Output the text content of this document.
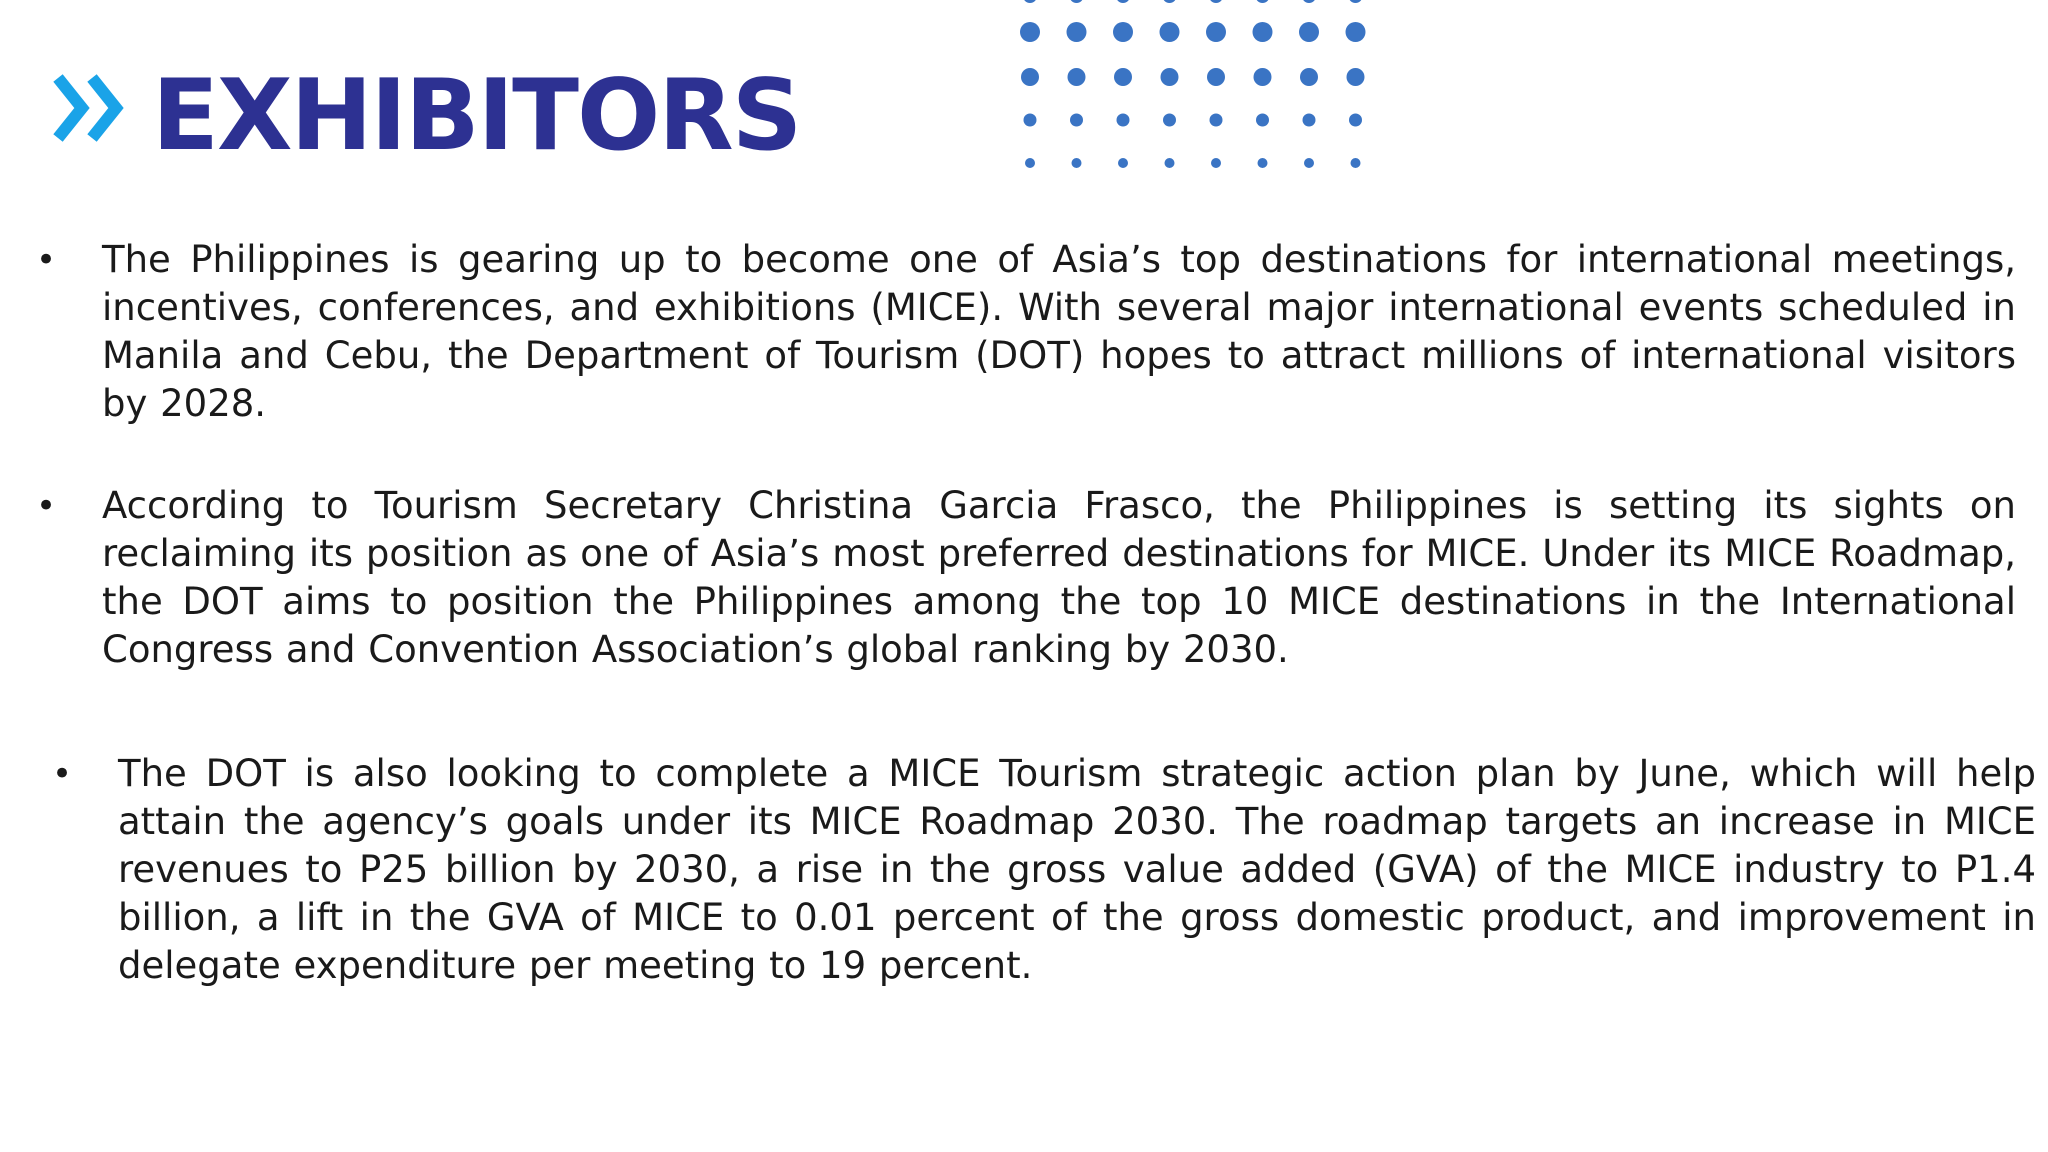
EXHIBITORS
• The Philippines is gearing up to become one of Asia’s top destinations for international meetings, incentives, conferences, and exhibitions (MICE). With several major international events scheduled in Manila and Cebu, the Department of Tourism (DOT) hopes to attract millions of international visitors by 2028.

• According to Tourism Secretary Christina Garcia Frasco, the Philippines is setting its sights on reclaiming its position as one of Asia’s most preferred destinations for MICE. Under its MICE Roadmap, the DOT aims to position the Philippines among the top 10 MICE destinations in the International Congress and Convention Association’s global ranking by 2030.

• The DOT is also looking to complete a MICE Tourism strategic action plan by June, which will help attain the agency’s goals under its MICE Roadmap 2030. The roadmap targets an increase in MICE revenues to P25 billion by 2030, a rise in the gross value added (GVA) of the MICE industry to P1.4 billion, a lift in the GVA of MICE to 0.01 percent of the gross domestic product, and improvement in delegate expenditure per meeting to 19 percent.
